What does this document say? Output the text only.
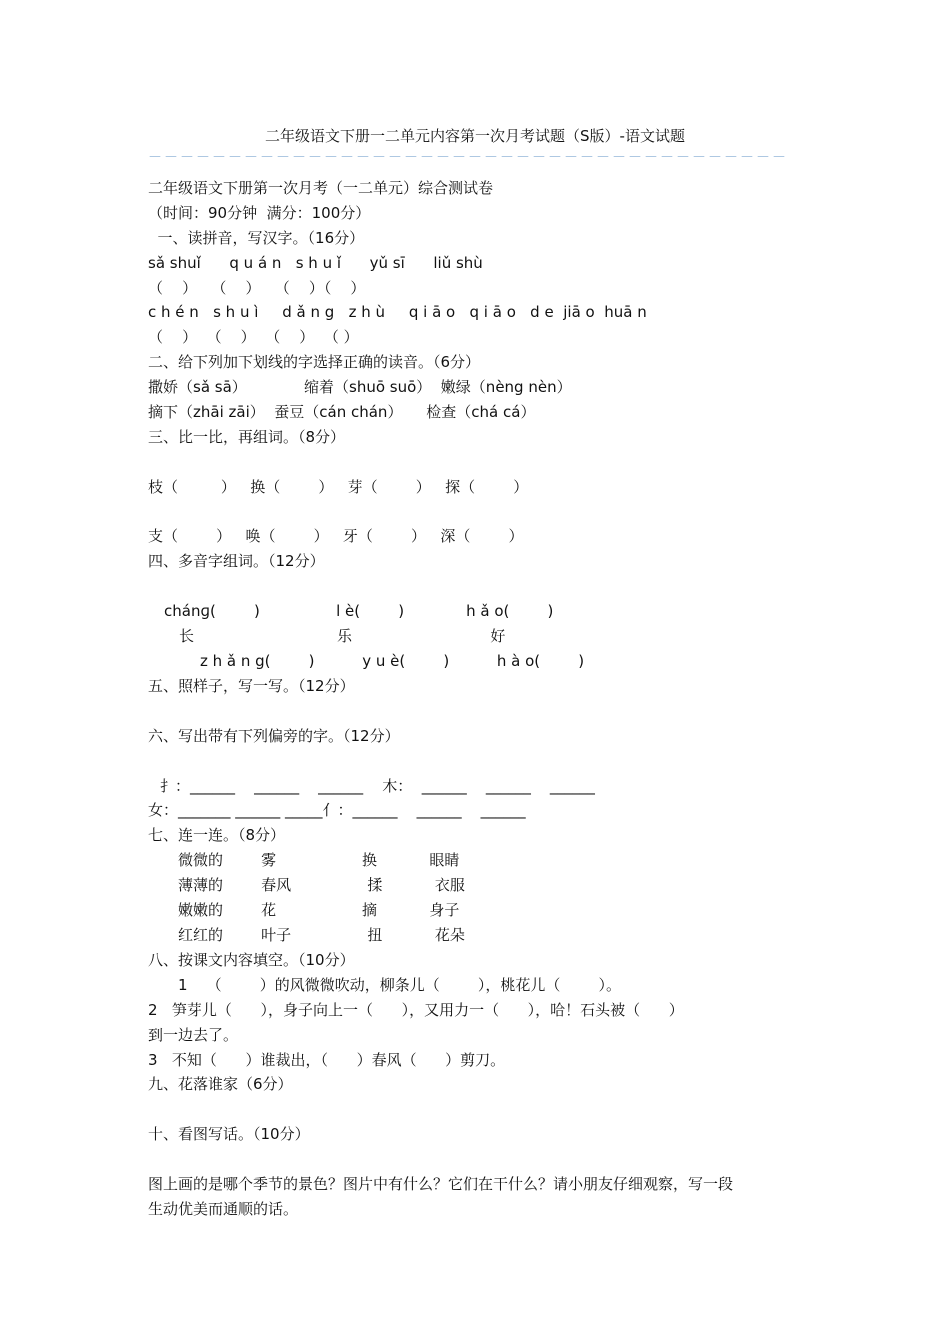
二年级语文下册一二单元内容第一次月考试题（S版）-语文试题
－－－－－－－－－－－－－－－－－－－－－－－－－－－－－－－－－－－－－－－－
二年级语文下册第一次月考（一二单元）综合测试卷
（时间：90分钟  满分：100分）
一、读拼音，写汉字。（16分）
sǎ shuǐ      q u á n   s h u ǐ      yǔ sī      liǔ shù
（    ）   （    ）   （    ）（    ）
c h é n   s h u ì     d ǎ n g   z h ù     q i ā o   q i ā o   d e  jiā o  huā n
（    ）  （    ）  （    ）  （ ）
二、给下列加下划线的字选择正确的读音。（6分）
撒娇（sǎ sā）            缩着（shuō suō）  嫩绿（nèng nèn）
摘下（zhāi zāi）  蚕豆（cán chán）     检查（chá cá）
三、比一比，再组词。（8分）
枝（         ）   换（        ）   芽（        ）   探（        ）
支（        ）   唤（        ）   牙（        ）   深（        ）
四、多音字组词。（12分）
chánɡ(        )                l è(        )             h ǎ o(        )
长                              乐                             好
z h ǎ n g(        )          y u è(        )          h à o(        )
五、照样子，写一写。（12分）
六、写出带有下列偏旁的字。（12分）
扌：______    ______    ______    木：  ______    ______    ______
女：_______ ______ _____亻：______    ______    ______
七、连一连。（8分）
微微的        雾                  换           眼睛
薄薄的        春风                揉           衣服
嫩嫩的        花                  摘           身子
红红的        叶子                扭           花朵
八、按课文内容填空。（10分）
1    （        ）的风微微吹动，柳条儿（        ），桃花儿（        ）。
2   笋芽儿（      ），身子向上一（      ），又用力一（      ），哈！石头被（      ）
到一边去了。
3   不知（      ）谁裁出，（      ）春风（      ）剪刀。
九、花落谁家（6分）
十、看图写话。（10分）
图上画的是哪个季节的景色？图片中有什么？它们在干什么？请小朋友仔细观察，写一段
生动优美而通顺的话。
